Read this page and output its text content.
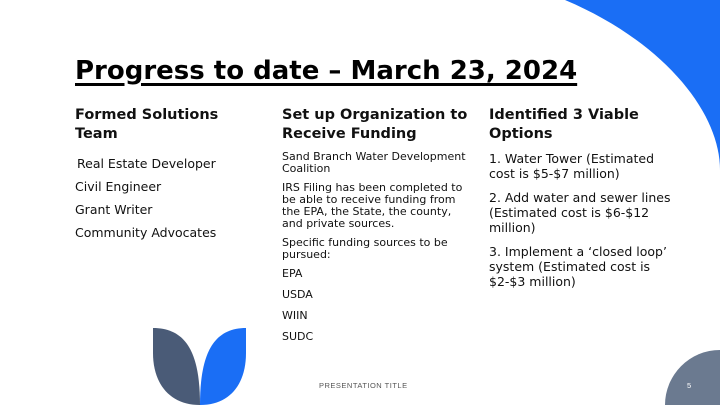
Progress to date – March 23, 2024

Formed Solutions Team

Real Estate Developer
Civil Engineer
Grant Writer
Community Advocates

Set up Organization to Receive Funding

Sand Branch Water Development Coalition
IRS Filing has been completed to be able to receive funding from the EPA, the State, the county, and private sources.
Specific funding sources to be pursued:
EPA
USDA
WIIN
SUDC

Identified 3 Viable Options

1. Water Tower (Estimated cost is $5-$7 million)
2. Add water and sewer lines (Estimated cost is $6-$12 million)
3. Implement a ‘closed loop’ system (Estimated cost is $2-$3 million)
PRESENTATION TITLE	5
